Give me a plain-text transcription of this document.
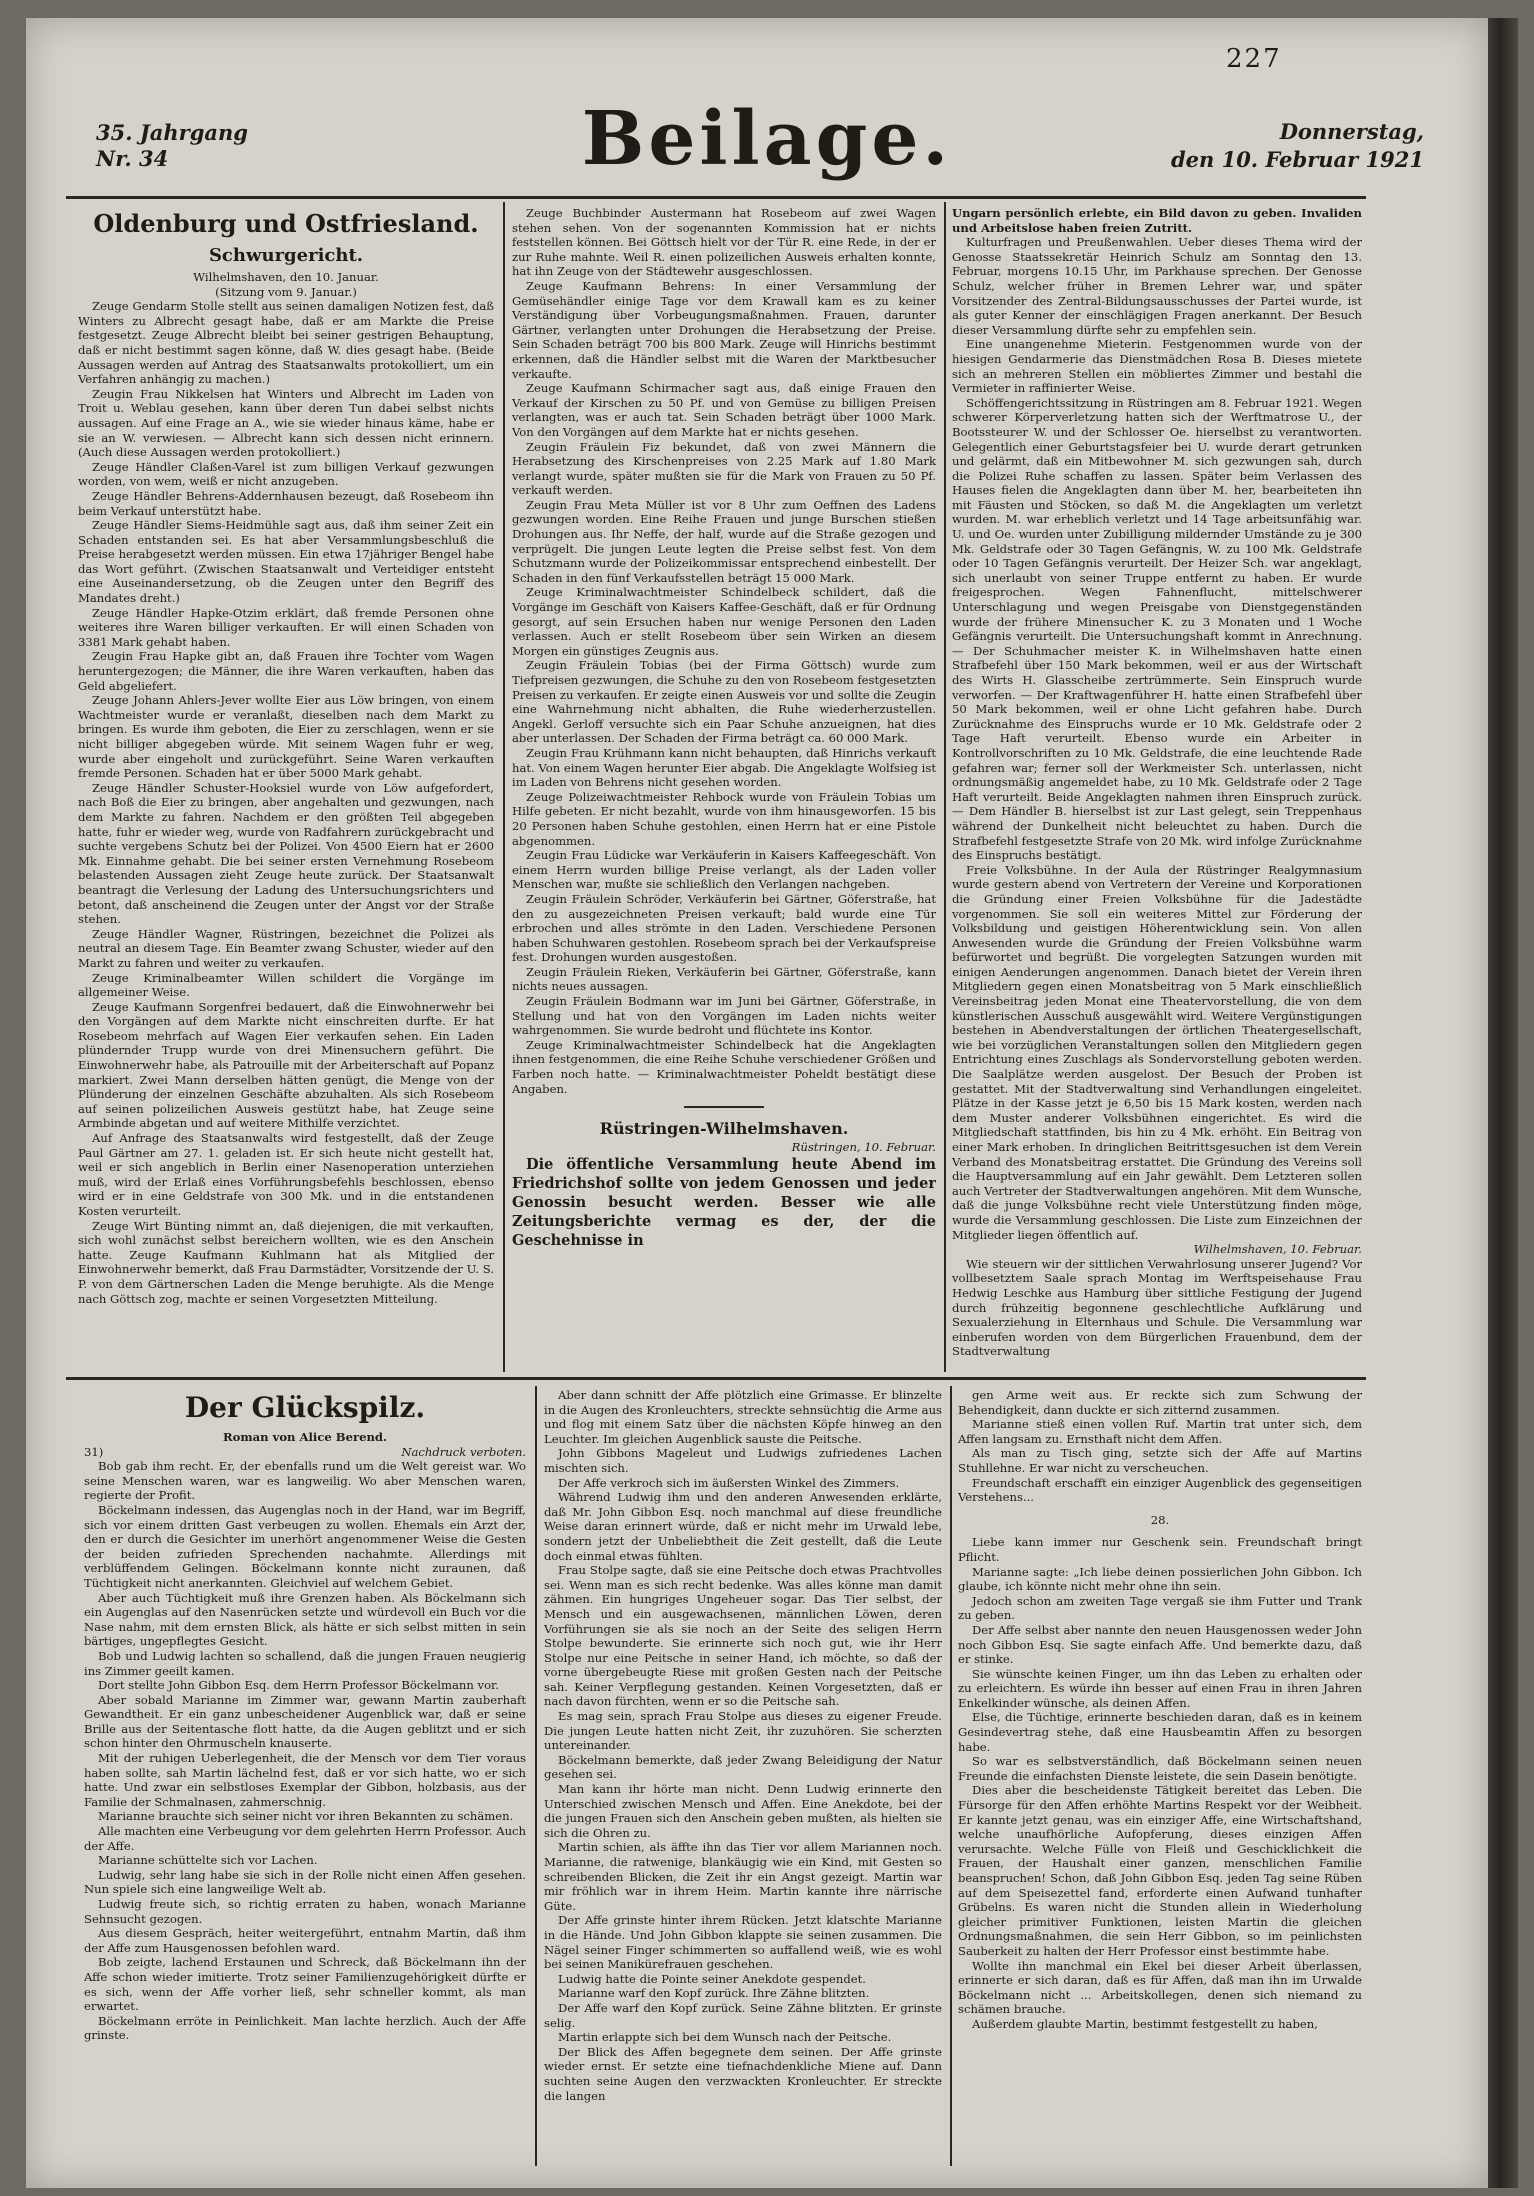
227
35. Jahrgang
Nr. 34	Beilage.	Donnerstag,
den 10. Februar 1921

Oldenburg und Ostfriesland.

Schwurgericht.

Wilhelmshaven, den 10. Januar.

(Sitzung vom 9. Januar.)

Zeuge Gendarm Stolle stellt aus seinen damaligen Notizen fest, daß Winters zu Albrecht gesagt habe, daß er am Markte die Preise festgesetzt. Zeuge Albrecht bleibt bei seiner gestrigen Behauptung, daß er nicht bestimmt sagen könne, daß W. dies gesagt habe. (Beide Aussagen werden auf Antrag des Staatsanwalts protokolliert, um ein Verfahren anhängig zu machen.)

Zeugin Frau Nikkelsen hat Winters und Albrecht im Laden von Troit u. Weblau gesehen, kann über deren Tun dabei selbst nichts aussagen. Auf eine Frage an A., wie sie wieder hinaus käme, habe er sie an W. verwiesen. — Albrecht kann sich dessen nicht erinnern. (Auch diese Aussagen werden protokolliert.)

Zeuge Händler Claßen-Varel ist zum billigen Verkauf gezwungen worden, von wem, weiß er nicht anzugeben.

Zeuge Händler Behrens-Addernhausen bezeugt, daß Rosebeom ihn beim Verkauf unterstützt habe.

Zeuge Händler Siems-Heidmühle sagt aus, daß ihm seiner Zeit ein Schaden entstanden sei. Es hat aber Versammlungsbeschluß die Preise herabgesetzt werden müssen. Ein etwa 17jähriger Bengel habe das Wort geführt. (Zwischen Staatsanwalt und Verteidiger entsteht eine Auseinandersetzung, ob die Zeugen unter den Begriff des Mandates dreht.)

Zeuge Händler Hapke-Otzim erklärt, daß fremde Personen ohne weiteres ihre Waren billiger verkauften. Er will einen Schaden von 3381 Mark gehabt haben.

Zeugin Frau Hapke gibt an, daß Frauen ihre Tochter vom Wagen heruntergezogen; die Männer, die ihre Waren verkauften, haben das Geld abgeliefert.

Zeuge Johann Ahlers-Jever wollte Eier aus Löw bringen, von einem Wachtmeister wurde er veranlaßt, dieselben nach dem Markt zu bringen. Es wurde ihm geboten, die Eier zu zerschlagen, wenn er sie nicht billiger abgegeben würde. Mit seinem Wagen fuhr er weg, wurde aber eingeholt und zurückgeführt. Seine Waren verkauften fremde Personen. Schaden hat er über 5000 Mark gehabt.

Zeuge Händler Schuster-Hooksiel wurde von Löw aufgefordert, nach Boß die Eier zu bringen, aber angehalten und gezwungen, nach dem Markte zu fahren. Nachdem er den größten Teil abgegeben hatte, fuhr er wieder weg, wurde von Radfahrern zurückgebracht und suchte vergebens Schutz bei der Polizei. Von 4500 Eiern hat er 2600 Mk. Einnahme gehabt. Die bei seiner ersten Vernehmung Rosebeom belastenden Aussagen zieht Zeuge heute zurück. Der Staatsanwalt beantragt die Verlesung der Ladung des Untersuchungsrichters und betont, daß anscheinend die Zeugen unter der Angst vor der Straße stehen.

Zeuge Händler Wagner, Rüstringen, bezeichnet die Polizei als neutral an diesem Tage. Ein Beamter zwang Schuster, wieder auf den Markt zu fahren und weiter zu verkaufen.

Zeuge Kriminalbeamter Willen schildert die Vorgänge im allgemeiner Weise.

Zeuge Kaufmann Sorgenfrei bedauert, daß die Einwohnerwehr bei den Vorgängen auf dem Markte nicht einschreiten durfte. Er hat Rosebeom mehrfach auf Wagen Eier verkaufen sehen. Ein Laden plündernder Trupp wurde von drei Minensuchern geführt. Die Einwohnerwehr habe, als Patrouille mit der Arbeiterschaft auf Popanz markiert. Zwei Mann derselben hätten genügt, die Menge von der Plünderung der einzelnen Geschäfte abzuhalten. Als sich Rosebeom auf seinen polizeilichen Ausweis gestützt habe, hat Zeuge seine Armbinde abgetan und auf weitere Mithilfe verzichtet.

Auf Anfrage des Staatsanwalts wird festgestellt, daß der Zeuge Paul Gärtner am 27. 1. geladen ist. Er sich heute nicht gestellt hat, weil er sich angeblich in Berlin einer Nasenoperation unterziehen muß, wird der Erlaß eines Vorführungsbefehls beschlossen, ebenso wird er in eine Geldstrafe von 300 Mk. und in die entstandenen Kosten verurteilt.

Zeuge Wirt Bünting nimmt an, daß diejenigen, die mit verkauften, sich wohl zunächst selbst bereichern wollten, wie es den Anschein hatte. Zeuge Kaufmann Kuhlmann hat als Mitglied der Einwohnerwehr bemerkt, daß Frau Darmstädter, Vorsitzende der U. S. P. von dem Gärtnerschen Laden die Menge beruhigte. Als die Menge nach Göttsch zog, machte er seinen Vorgesetzten Mitteilung.

Zeuge Buchbinder Austermann hat Rosebeom auf zwei Wagen stehen sehen. Von der sogenannten Kommission hat er nichts feststellen können. Bei Göttsch hielt vor der Tür R. eine Rede, in der er zur Ruhe mahnte. Weil R. einen polizeilichen Ausweis erhalten konnte, hat ihn Zeuge von der Städtewehr ausgeschlossen.

Zeuge Kaufmann Behrens: In einer Versammlung der Gemüsehändler einige Tage vor dem Krawall kam es zu keiner Verständigung über Vorbeugungsmaßnahmen. Frauen, darunter Gärtner, verlangten unter Drohungen die Herabsetzung der Preise. Sein Schaden beträgt 700 bis 800 Mark. Zeuge will Hinrichs bestimmt erkennen, daß die Händler selbst mit die Waren der Marktbesucher verkaufte.

Zeuge Kaufmann Schirmacher sagt aus, daß einige Frauen den Verkauf der Kirschen zu 50 Pf. und von Gemüse zu billigen Preisen verlangten, was er auch tat. Sein Schaden beträgt über 1000 Mark. Von den Vorgängen auf dem Markte hat er nichts gesehen.

Zeugin Fräulein Fiz bekundet, daß von zwei Männern die Herabsetzung des Kirschenpreises von 2.25 Mark auf 1.80 Mark verlangt wurde, später mußten sie für die Mark von Frauen zu 50 Pf. verkauft werden.

Zeugin Frau Meta Müller ist vor 8 Uhr zum Oeffnen des Ladens gezwungen worden. Eine Reihe Frauen und junge Burschen stießen Drohungen aus. Ihr Neffe, der half, wurde auf die Straße gezogen und verprügelt. Die jungen Leute legten die Preise selbst fest. Von dem Schutzmann wurde der Polizeikommissar entsprechend einbestellt. Der Schaden in den fünf Verkaufsstellen beträgt 15 000 Mark.

Zeuge Kriminalwachtmeister Schindelbeck schildert, daß die Vorgänge im Geschäft von Kaisers Kaffee-Geschäft, daß er für Ordnung gesorgt, auf sein Ersuchen haben nur wenige Personen den Laden verlassen. Auch er stellt Rosebeom über sein Wirken an diesem Morgen ein günstiges Zeugnis aus.

Zeugin Fräulein Tobias (bei der Firma Göttsch) wurde zum Tiefpreisen gezwungen, die Schuhe zu den von Rosebeom festgesetzten Preisen zu verkaufen. Er zeigte einen Ausweis vor und sollte die Zeugin eine Wahrnehmung nicht abhalten, die Ruhe wiederherzustellen. Angekl. Gerloff versuchte sich ein Paar Schuhe anzueignen, hat dies aber unterlassen. Der Schaden der Firma beträgt ca. 60 000 Mark.

Zeugin Frau Krühmann kann nicht behaupten, daß Hinrichs verkauft hat. Von einem Wagen herunter Eier abgab. Die Angeklagte Wolfsieg ist im Laden von Behrens nicht gesehen worden.

Zeuge Polizeiwachtmeister Rehbock wurde von Fräulein Tobias um Hilfe gebeten. Er nicht bezahlt, wurde von ihm hinausgeworfen. 15 bis 20 Personen haben Schuhe gestohlen, einen Herrn hat er eine Pistole abgenommen.

Zeugin Frau Lüdicke war Verkäuferin in Kaisers Kaffeegeschäft. Von einem Herrn wurden billige Preise verlangt, als der Laden voller Menschen war, mußte sie schließlich den Verlangen nachgeben.

Zeugin Fräulein Schröder, Verkäuferin bei Gärtner, Göferstraße, hat den zu ausgezeichneten Preisen verkauft; bald wurde eine Tür erbrochen und alles strömte in den Laden. Verschiedene Personen haben Schuhwaren gestohlen. Rosebeom sprach bei der Verkaufspreise fest. Drohungen wurden ausgestoßen.

Zeugin Fräulein Rieken, Verkäuferin bei Gärtner, Göferstraße, kann nichts neues aussagen.

Zeugin Fräulein Bodmann war im Juni bei Gärtner, Göferstraße, in Stellung und hat von den Vorgängen im Laden nichts weiter wahrgenommen. Sie wurde bedroht und flüchtete ins Kontor.

Zeuge Kriminalwachtmeister Schindelbeck hat die Angeklagten ihnen festgenommen, die eine Reihe Schuhe verschiedener Größen und Farben noch hatte. — Kriminalwachtmeister Poheldt bestätigt diese Angaben.

Rüstringen-Wilhelmshaven.

Rüstringen, 10. Februar.

Die öffentliche Versammlung heute Abend im Friedrichshof sollte von jedem Genossen und jeder Genossin besucht werden. Besser wie alle Zeitungsberichte vermag es der, der die Geschehnisse in

Ungarn persönlich erlebte, ein Bild davon zu geben. Invaliden und Arbeitslose haben freien Zutritt.

Kulturfragen und Preußenwahlen. Ueber dieses Thema wird der Genosse Staatssekretär Heinrich Schulz am Sonntag den 13. Februar, morgens 10.15 Uhr, im Parkhause sprechen. Der Genosse Schulz, welcher früher in Bremen Lehrer war, und später Vorsitzender des Zentral-Bildungsausschusses der Partei wurde, ist als guter Kenner der einschlägigen Fragen anerkannt. Der Besuch dieser Versammlung dürfte sehr zu empfehlen sein.

Eine unangenehme Mieterin. Festgenommen wurde von der hiesigen Gendarmerie das Dienstmädchen Rosa B. Dieses mietete sich an mehreren Stellen ein möbliertes Zimmer und bestahl die Vermieter in raffinierter Weise.

Schöffengerichtssitzung in Rüstringen am 8. Februar 1921. Wegen schwerer Körperverletzung hatten sich der Werftmatrose U., der Bootssteurer W. und der Schlosser Oe. hierselbst zu verantworten. Gelegentlich einer Geburtstagsfeier bei U. wurde derart getrunken und gelärmt, daß ein Mitbewohner M. sich gezwungen sah, durch die Polizei Ruhe schaffen zu lassen. Später beim Verlassen des Hauses fielen die Angeklagten dann über M. her, bearbeiteten ihn mit Fäusten und Stöcken, so daß M. die Angeklagten um verletzt wurden. M. war erheblich verletzt und 14 Tage arbeitsunfähig war. U. und Oe. wurden unter Zubilligung mildernder Umstände zu je 300 Mk. Geldstrafe oder 30 Tagen Gefängnis, W. zu 100 Mk. Geldstrafe oder 10 Tagen Gefängnis verurteilt. Der Heizer Sch. war angeklagt, sich unerlaubt von seiner Truppe entfernt zu haben. Er wurde freigesprochen. Wegen Fahnenflucht, mittelschwerer Unterschlagung und wegen Preisgabe von Dienstgegenständen wurde der frühere Minensucher K. zu 3 Monaten und 1 Woche Gefängnis verurteilt. Die Untersuchungshaft kommt in Anrechnung. — Der Schuhmacher meister K. in Wilhelmshaven hatte einen Strafbefehl über 150 Mark bekommen, weil er aus der Wirtschaft des Wirts H. Glasscheibe zertrümmerte. Sein Einspruch wurde verworfen. — Der Kraftwagenführer H. hatte einen Strafbefehl über 50 Mark bekommen, weil er ohne Licht gefahren habe. Durch Zurücknahme des Einspruchs wurde er 10 Mk. Geldstrafe oder 2 Tage Haft verurteilt. Ebenso wurde ein Arbeiter in Kontrollvorschriften zu 10 Mk. Geldstrafe, die eine leuchtende Rade gefahren war; ferner soll der Werkmeister Sch. unterlassen, nicht ordnungsmäßig angemeldet habe, zu 10 Mk. Geldstrafe oder 2 Tage Haft verurteilt. Beide Angeklagten nahmen ihren Einspruch zurück. — Dem Händler B. hierselbst ist zur Last gelegt, sein Treppenhaus während der Dunkelheit nicht beleuchtet zu haben. Durch die Strafbefehl festgesetzte Strafe von 20 Mk. wird infolge Zurücknahme des Einspruchs bestätigt.

Freie Volksbühne. In der Aula der Rüstringer Realgymnasium wurde gestern abend von Vertretern der Vereine und Korporationen die Gründung einer Freien Volksbühne für die Jadestädte vorgenommen. Sie soll ein weiteres Mittel zur Förderung der Volksbildung und geistigen Höherentwicklung sein. Von allen Anwesenden wurde die Gründung der Freien Volksbühne warm befürwortet und begrüßt. Die vorgelegten Satzungen wurden mit einigen Aenderungen angenommen. Danach bietet der Verein ihren Mitgliedern gegen einen Monatsbeitrag von 5 Mark einschließlich Vereinsbeitrag jeden Monat eine Theatervorstellung, die von dem künstlerischen Ausschuß ausgewählt wird. Weitere Vergünstigungen bestehen in Abendverstaltungen der örtlichen Theatergesellschaft, wie bei vorzüglichen Veranstaltungen sollen den Mitgliedern gegen Entrichtung eines Zuschlags als Sondervorstellung geboten werden. Die Saalplätze werden ausgelost. Der Besuch der Proben ist gestattet. Mit der Stadtverwaltung sind Verhandlungen eingeleitet. Plätze in der Kasse jetzt je 6,50 bis 15 Mark kosten, werden nach dem Muster anderer Volksbühnen eingerichtet. Es wird die Mitgliedschaft stattfinden, bis hin zu 4 Mk. erhöht. Ein Beitrag von einer Mark erhoben. In dringlichen Beitrittsgesuchen ist dem Verein Verband des Monatsbeitrag erstattet. Die Gründung des Vereins soll die Hauptversammlung auf ein Jahr gewählt. Dem Letzteren sollen auch Vertreter der Stadtverwaltungen angehören. Mit dem Wunsche, daß die junge Volksbühne recht viele Unterstützung finden möge, wurde die Versammlung geschlossen. Die Liste zum Einzeichnen der Mitglieder liegen öffentlich auf.

Wilhelmshaven, 10. Februar.

Wie steuern wir der sittlichen Verwahrlosung unserer Jugend? Vor vollbesetztem Saale sprach Montag im Werftspeisehause Frau Hedwig Leschke aus Hamburg über sittliche Festigung der Jugend durch frühzeitig begonnene geschlechtliche Aufklärung und Sexualerziehung in Elternhaus und Schule. Die Versammlung war einberufen worden von dem Bürgerlichen Frauenbund, dem der Stadtverwaltung

Der Glückspilz.

Roman von Alice Berend.

31)	Nachdruck verboten.

Bob gab ihm recht. Er, der ebenfalls rund um die Welt gereist war. Wo seine Menschen waren, war es langweilig. Wo aber Menschen waren, regierte der Profit.

Böckelmann indessen, das Augenglas noch in der Hand, war im Begriff, sich vor einem dritten Gast verbeugen zu wollen. Ehemals ein Arzt der, den er durch die Gesichter im unerhört angenommener Weise die Gesten der beiden zufrieden Sprechenden nachahmte. Allerdings mit verblüffendem Gelingen. Böckelmann konnte nicht zuraunen, daß Tüchtigkeit nicht anerkannten. Gleichviel auf welchem Gebiet.

Aber auch Tüchtigkeit muß ihre Grenzen haben. Als Böckelmann sich ein Augenglas auf den Nasenrücken setzte und würdevoll ein Buch vor die Nase nahm, mit dem ernsten Blick, als hätte er sich selbst mitten in sein bärtiges, ungepflegtes Gesicht.

Bob und Ludwig lachten so schallend, daß die jungen Frauen neugierig ins Zimmer geeilt kamen.

Dort stellte John Gibbon Esq. dem Herrn Professor Böckelmann vor.

Aber sobald Marianne im Zimmer war, gewann Martin zauberhaft Gewandtheit. Er ein ganz unbescheidener Augenblick war, daß er seine Brille aus der Seitentasche flott hatte, da die Augen geblitzt und er sich schon hinter den Ohrmuscheln knauserte.

Mit der ruhigen Ueberlegenheit, die der Mensch vor dem Tier voraus haben sollte, sah Martin lächelnd fest, daß er vor sich hatte, wo er sich hatte. Und zwar ein selbstloses Exemplar der Gibbon, holzbasis, aus der Familie der Schmalnasen, zahmerschnig.

Marianne brauchte sich seiner nicht vor ihren Bekannten zu schämen.

Alle machten eine Verbeugung vor dem gelehrten Herrn Professor. Auch der Affe.

Marianne schüttelte sich vor Lachen.

Ludwig, sehr lang habe sie sich in der Rolle nicht einen Affen gesehen. Nun spiele sich eine langweilige Welt ab.

Ludwig freute sich, so richtig erraten zu haben, wonach Marianne Sehnsucht gezogen.

Aus diesem Gespräch, heiter weitergeführt, entnahm Martin, daß ihm der Affe zum Hausgenossen befohlen ward.

Bob zeigte, lachend Erstaunen und Schreck, daß Böckelmann ihn der Affe schon wieder imitierte. Trotz seiner Familienzugehörigkeit dürfte er es sich, wenn der Affe vorher ließ, sehr schneller kommt, als man erwartet.

Böckelmann erröte in Peinlichkeit. Man lachte herzlich. Auch der Affe grinste.

Aber dann schnitt der Affe plötzlich eine Grimasse. Er blinzelte in die Augen des Kronleuchters, streckte sehnsüchtig die Arme aus und flog mit einem Satz über die nächsten Köpfe hinweg an den Leuchter. Im gleichen Augenblick sauste die Peitsche.

John Gibbons Mageleut und Ludwigs zufriedenes Lachen mischten sich.

Der Affe verkroch sich im äußersten Winkel des Zimmers.

Während Ludwig ihm und den anderen Anwesenden erklärte, daß Mr. John Gibbon Esq. noch manchmal auf diese freundliche Weise daran erinnert würde, daß er nicht mehr im Urwald lebe, sondern jetzt der Unbeliebtheit die Zeit gestellt, daß die Leute doch einmal etwas fühlten.

Frau Stolpe sagte, daß sie eine Peitsche doch etwas Prachtvolles sei. Wenn man es sich recht bedenke. Was alles könne man damit zähmen. Ein hungriges Ungeheuer sogar. Das Tier selbst, der Mensch und ein ausgewachsenen, männlichen Löwen, deren Vorführungen sie als sie noch an der Seite des seligen Herrn Stolpe bewunderte. Sie erinnerte sich noch gut, wie ihr Herr Stolpe nur eine Peitsche in seiner Hand, ich möchte, so daß der vorne übergebeugte Riese mit großen Gesten nach der Peitsche sah. Keiner Verpflegung gestanden. Keinen Vorgesetzten, daß er nach davon fürchten, wenn er so die Peitsche sah.

Es mag sein, sprach Frau Stolpe aus dieses zu eigener Freude. Die jungen Leute hatten nicht Zeit, ihr zuzuhören. Sie scherzten untereinander.

Böckelmann bemerkte, daß jeder Zwang Beleidigung der Natur gesehen sei.

Man kann ihr hörte man nicht. Denn Ludwig erinnerte den Unterschied zwischen Mensch und Affen. Eine Anekdote, bei der die jungen Frauen sich den Anschein geben mußten, als hielten sie sich die Ohren zu.

Martin schien, als äffte ihn das Tier vor allem Mariannen noch. Marianne, die ratwenige, blankäugig wie ein Kind, mit Gesten so schreibenden Blicken, die Zeit ihr ein Angst gezeigt. Martin war mir fröhlich war in ihrem Heim. Martin kannte ihre närrische Güte.

Der Affe grinste hinter ihrem Rücken. Jetzt klatschte Marianne in die Hände. Und John Gibbon klappte sie seinen zusammen. Die Nägel seiner Finger schimmerten so auffallend weiß, wie es wohl bei seinen Manikürefrauen geschehen.

Ludwig hatte die Pointe seiner Anekdote gespendet.

Marianne warf den Kopf zurück. Ihre Zähne blitzten.

Der Affe warf den Kopf zurück. Seine Zähne blitzten. Er grinste selig.

Martin erlappte sich bei dem Wunsch nach der Peitsche.

Der Blick des Affen begegnete dem seinen. Der Affe grinste wieder ernst. Er setzte eine tiefnachdenkliche Miene auf. Dann suchten seine Augen den verzwackten Kronleuchter. Er streckte die langen

gen Arme weit aus. Er reckte sich zum Schwung der Behendigkeit, dann duckte er sich zitternd zusammen.

Marianne stieß einen vollen Ruf. Martin trat unter sich, dem Affen langsam zu. Ernsthaft nicht dem Affen.

Als man zu Tisch ging, setzte sich der Affe auf Martins Stuhllehne. Er war nicht zu verscheuchen.

Freundschaft erschafft ein einziger Augenblick des gegenseitigen Verstehens...

28.

Liebe kann immer nur Geschenk sein. Freundschaft bringt Pflicht.

Marianne sagte: „Ich liebe deinen possierlichen John Gibbon. Ich glaube, ich könnte nicht mehr ohne ihn sein.

Jedoch schon am zweiten Tage vergaß sie ihm Futter und Trank zu geben.

Der Affe selbst aber nannte den neuen Hausgenossen weder John noch Gibbon Esq. Sie sagte einfach Affe. Und bemerkte dazu, daß er stinke.

Sie wünschte keinen Finger, um ihn das Leben zu erhalten oder zu erleichtern. Es würde ihn besser auf einen Frau in ihren Jahren Enkelkinder wünsche, als deinen Affen.

Else, die Tüchtige, erinnerte beschieden daran, daß es in keinem Gesindevertrag stehe, daß eine Hausbeamtin Affen zu besorgen habe.

So war es selbstverständlich, daß Böckelmann seinen neuen Freunde die einfachsten Dienste leistete, die sein Dasein benötigte.

Dies aber die bescheidenste Tätigkeit bereitet das Leben. Die Fürsorge für den Affen erhöhte Martins Respekt vor der Weibheit. Er kannte jetzt genau, was ein einziger Affe, eine Wirtschaftshand, welche unaufhörliche Aufopferung, dieses einzigen Affen verursachte. Welche Fülle von Fleiß und Geschicklichkeit die Frauen, der Haushalt einer ganzen, menschlichen Familie beanspruchen! Schon, daß John Gibbon Esq. jeden Tag seine Rüben auf dem Speisezettel fand, erforderte einen Aufwand tunhafter Grübelns. Es waren nicht die Stunden allein in Wiederholung gleicher primitiver Funktionen, leisten Martin die gleichen Ordnungsmaßnahmen, die sein Herr Gibbon, so im peinlichsten Sauberkeit zu halten der Herr Professor einst bestimmte habe.

Wollte ihn manchmal ein Ekel bei dieser Arbeit überlassen, erinnerte er sich daran, daß es für Affen, daß man ihn im Urwalde Böckelmann nicht ... Arbeitskollegen, denen sich niemand zu schämen brauche.

Außerdem glaubte Martin, bestimmt festgestellt zu haben,
